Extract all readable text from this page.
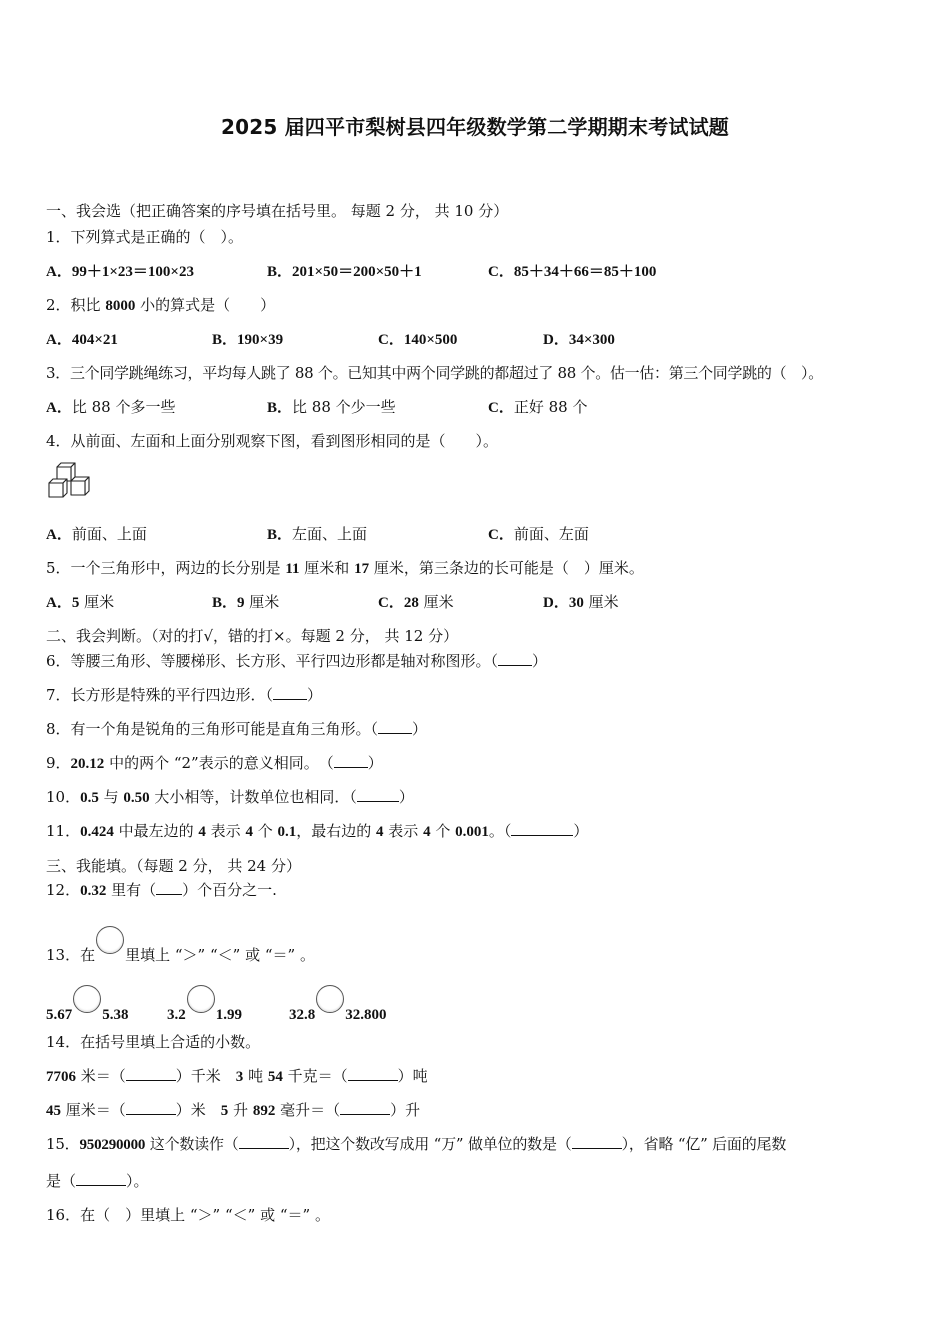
2025 届四平市梨树县四年级数学第二学期期末考试试题
一、我会选（把正确答案的序号填在括号里。 每题 2 分， 共 10 分）
1．下列算式是正确的（　）。
A．99＋1×23＝100×23	B．201×50＝200×50＋1	C．85＋34＋66＝85＋100
2．积比 8000 小的算式是（　　）
A．404×21	B．190×39	C．140×500	D．34×300
3．三个同学跳绳练习，平均每人跳了 88 个。已知其中两个同学跳的都超过了 88 个。估一估：第三个同学跳的（　）。
A．比 88 个多一些	B．比 88 个少一些	C．正好 88 个
4．从前面、左面和上面分别观察下图，看到图形相同的是（　　）。
A．前面、上面	B．左面、上面	C．前面、左面
5．一个三角形中，两边的长分别是 11 厘米和 17 厘米，第三条边的长可能是（　）厘米。
A．5 厘米	B．9 厘米	C．28 厘米	D．30 厘米
二、我会判断。（对的打√，错的打×。每题 2 分， 共 12 分）
6．等腰三角形、等腰梯形、长方形、平行四边形都是轴对称图形。（ ）
7．长方形是特殊的平行四边形．（ ）
8．有一个角是锐角的三角形可能是直角三角形。（ ）
9．20.12 中的两个 “2”表示的意义相同。　（ ）
10．0.5 与 0.50 大小相等，计数单位也相同．（	）
11．0.424 中最左边的 4 表示 4 个 0.1，最右边的 4 表示 4 个 0.001。（	）
三、我能填。（每题 2 分， 共 24 分）
12．0.32 里有（ ）个百分之一.
13．在 里填上 “＞” “＜” 或 “＝” 。
5.67 5.38	3.2 1.99	32.8 32.800
14．在括号里填上合适的小数。
7706 米＝（	）千米　3 吨 54 千克＝（	）吨
45 厘米＝（	）米　5 升 892 毫升＝（	）升
15．950290000 这个数读作（	），把这个数改写成用 “万” 做单位的数是（	），省略 “亿” 后面的尾数
是（	）。
16．在（　）里填上 “＞” “＜” 或 “＝” 。
